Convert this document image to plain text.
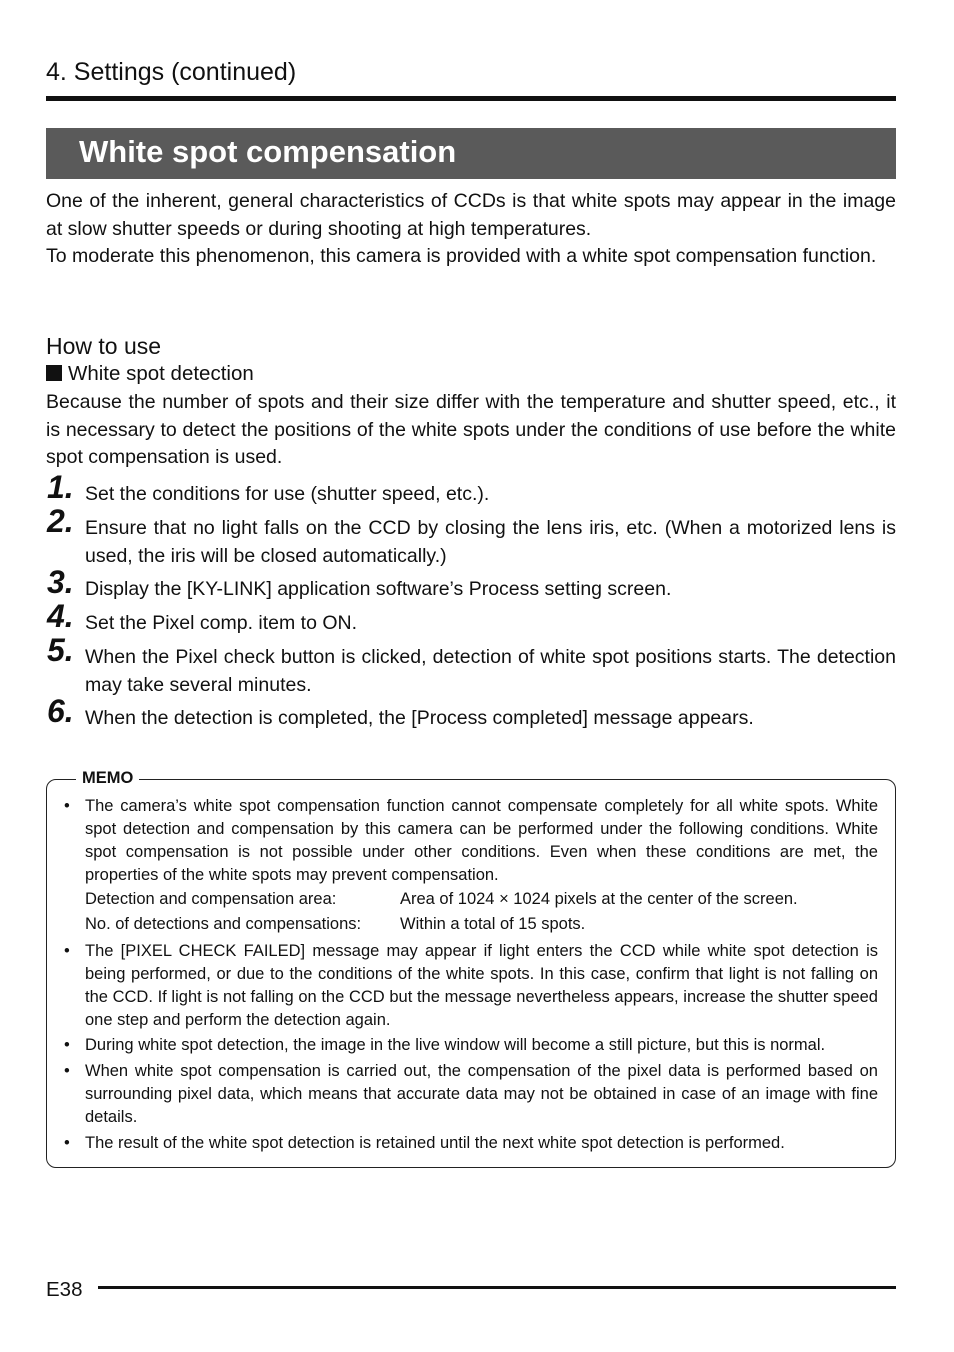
4. Settings (continued)
White spot compensation

One of the inherent, general characteristics of CCDs is that white spots may appear in the image at slow shutter speeds or during shooting at high temperatures.

To moderate this phenomenon, this camera is provided with a white spot compensation function.

How to use
White spot detection
Because the number of spots and their size differ with the temperature and shutter speed, etc., it is necessary to detect the positions of the white spots under the conditions of use before the white spot compensation is used.
1. Set the conditions for use (shutter speed, etc.).
2. Ensure that no light falls on the CCD by closing the lens iris, etc. (When a motorized lens is used, the iris will be closed automatically.)
3. Display the [KY-LINK] application software’s Process setting screen.
4. Set the Pixel comp. item to ON.
5. When the Pixel check button is clicked, detection of white spot positions starts. The detection may take several minutes.
6. When the detection is completed, the [Process completed] message appears.
MEMO
• The camera’s white spot compensation function cannot compensate completely for all white spots. White spot detection and compensation by this camera can be performed under the following conditions. White spot compensation is not possible under other conditions. Even when these conditions are met, the properties of the white spots may prevent compensation.
Detection and compensation area:	Area of 1024 × 1024 pixels at the center of the screen.
No. of detections and compensations: Within a total of 15 spots.
• The [PIXEL CHECK FAILED] message may appear if light enters the CCD while white spot detection is being performed, or due to the conditions of the white spots. In this case, confirm that light is not falling on the CCD. If light is not falling on the CCD but the message nevertheless appears, increase the shutter speed one step and perform the detection again.
• During white spot detection, the image in the live window will become a still picture, but this is normal.
• When white spot compensation is carried out, the compensation of the pixel data is performed based on surrounding pixel data, which means that accurate data may not be obtained in case of an image with fine details.
• The result of the white spot detection is retained until the next white spot detection is performed.
E38
